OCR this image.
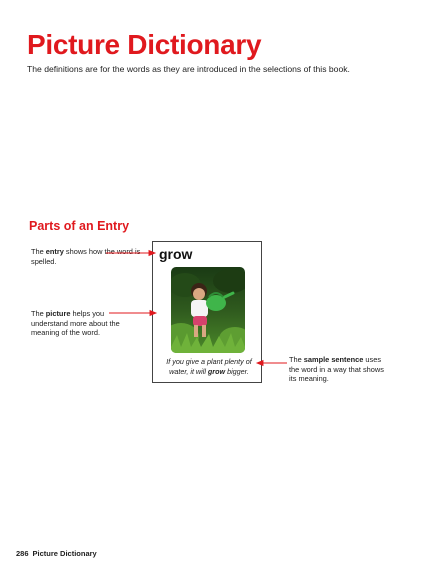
Picture Dictionary
The definitions are for the words as they are introduced in the selections of this book.
Parts of an Entry
The entry shows how the word is spelled.
The picture helps you understand more about the meaning of the word.
The sample sentence uses the word in a way that shows its meaning.
grow
If you give a plant plenty of water, it will grow bigger.
286 Picture Dictionary
